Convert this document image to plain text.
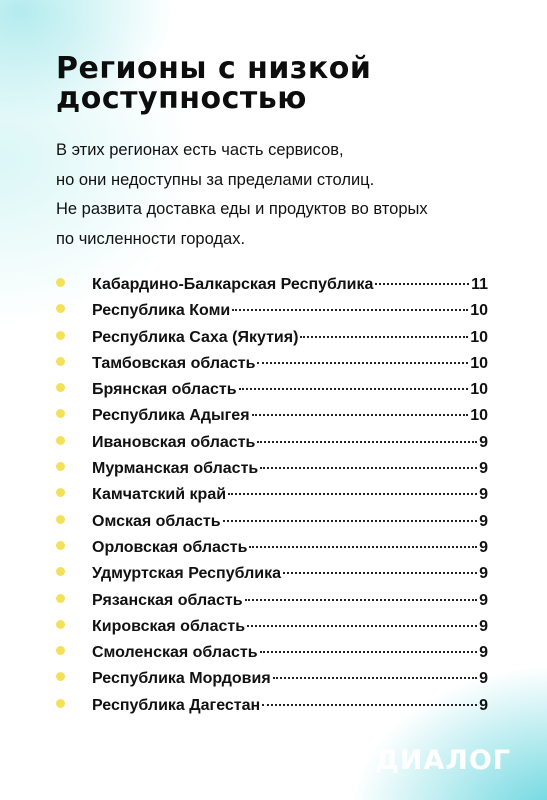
Регионы с низкой
доступностью
В этих регионах есть часть сервисов,
но они недоступны за пределами столиц.
Не развита доставка еды и продуктов во вторых
по численности городах.
Кабардино-Балкарская Республика	11
Республика Коми	10
Республика Саха (Якутия)	10
Тамбовская область	10
Брянская область	10
Республика Адыгея	10
Ивановская область	9
Мурманская область	9
Камчатский край	9
Омская область	9
Орловская область	9
Удмуртская Республика	9
Рязанская область	9
Кировская область	9
Смоленская область	9
Республика Мордовия	9
Республика Дагестан	9
ДИАЛОГ
